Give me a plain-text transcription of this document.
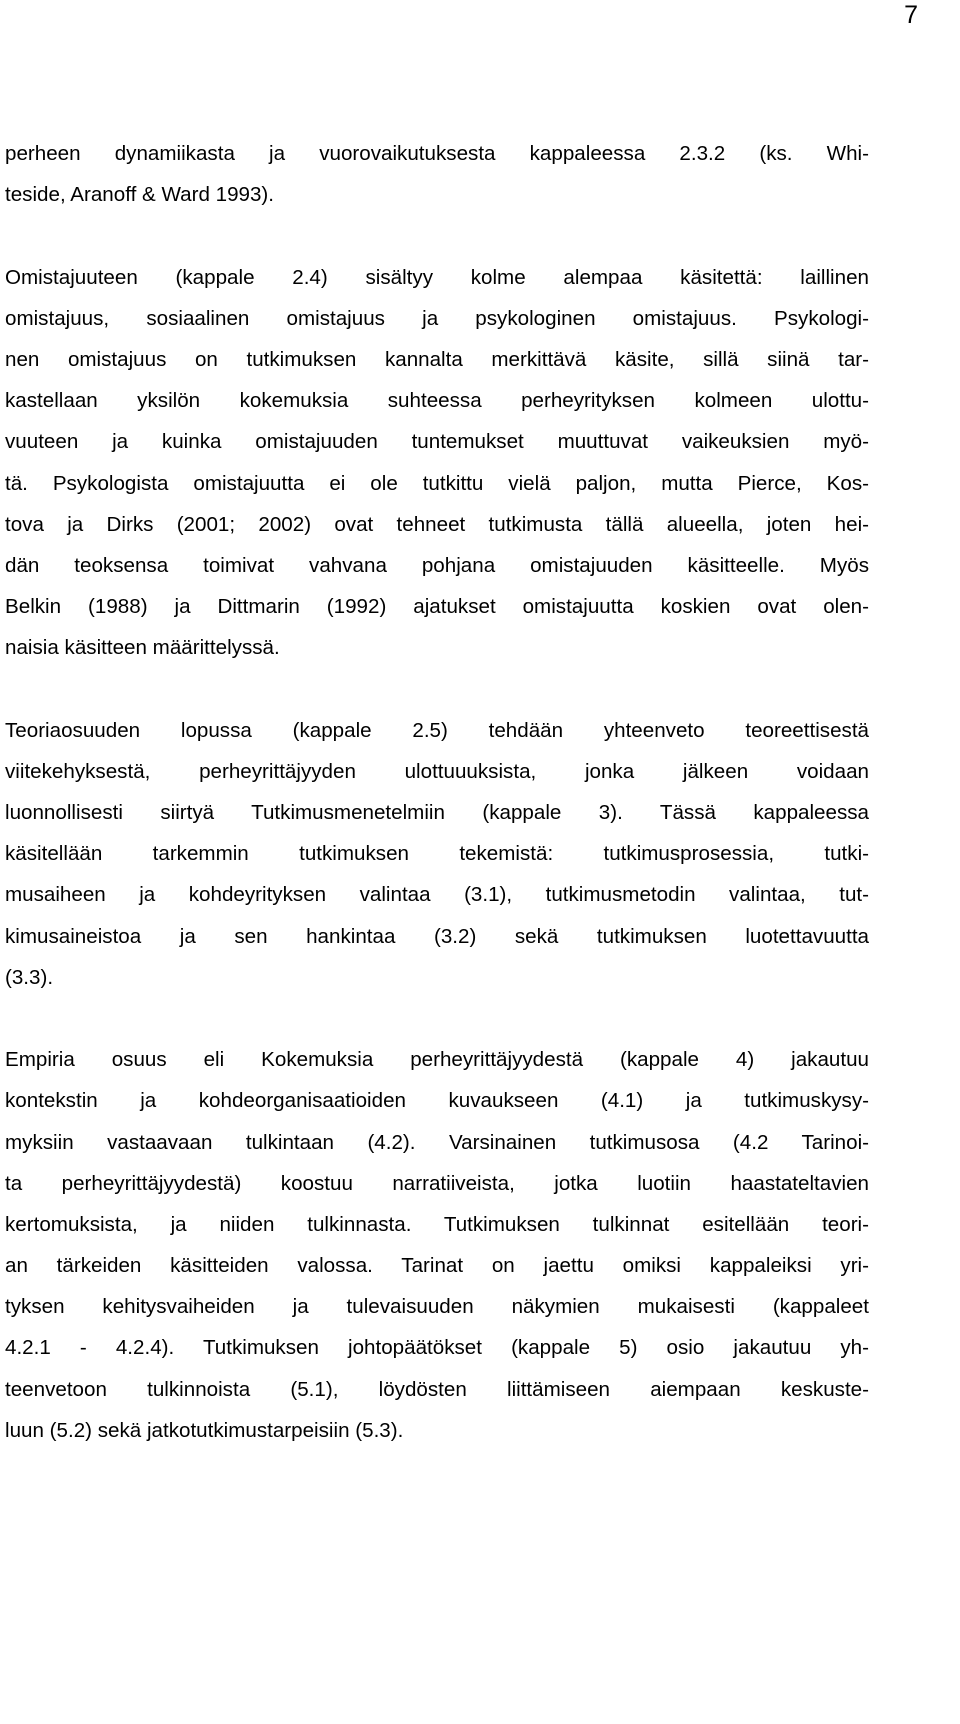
7
perheen dynamiikasta ja vuorovaikutuksesta kappaleessa 2.3.2 (ks. Whi-
teside, Aranoff & Ward 1993).
Omistajuuteen (kappale 2.4) sisältyy kolme alempaa käsitettä: laillinen
omistajuus, sosiaalinen omistajuus ja psykologinen omistajuus. Psykologi-
nen omistajuus on tutkimuksen kannalta merkittävä käsite, sillä siinä tar-
kastellaan yksilön kokemuksia suhteessa perheyrityksen kolmeen ulottu-
vuuteen ja kuinka omistajuuden tuntemukset muuttuvat vaikeuksien myö-
tä. Psykologista omistajuutta ei ole tutkittu vielä paljon, mutta Pierce, Kos-
tova ja Dirks (2001; 2002) ovat tehneet tutkimusta tällä alueella, joten hei-
dän teoksensa toimivat vahvana pohjana omistajuuden käsitteelle. Myös
Belkin (1988) ja Dittmarin (1992) ajatukset omistajuutta koskien ovat olen-
naisia käsitteen määrittelyssä.
Teoriaosuuden lopussa (kappale 2.5) tehdään yhteenveto teoreettisestä
viitekehyksestä, perheyrittäjyyden ulottuuuksista, jonka jälkeen voidaan
luonnollisesti siirtyä Tutkimusmenetelmiin (kappale 3). Tässä kappaleessa
käsitellään tarkemmin tutkimuksen tekemistä: tutkimusprosessia, tutki-
musaiheen ja kohdeyrityksen valintaa (3.1), tutkimusmetodin valintaa, tut-
kimusaineistoa ja sen hankintaa (3.2) sekä tutkimuksen luotettavuutta
(3.3).
Empiria osuus eli Kokemuksia perheyrittäjyydestä (kappale 4) jakautuu
kontekstin ja kohdeorganisaatioiden kuvaukseen (4.1) ja tutkimuskysy-
myksiin vastaavaan tulkintaan (4.2). Varsinainen tutkimusosa (4.2 Tarinoi-
ta perheyrittäjyydestä) koostuu narratiiveista, jotka luotiin haastateltavien
kertomuksista, ja niiden tulkinnasta. Tutkimuksen tulkinnat esitellään teori-
an tärkeiden käsitteiden valossa. Tarinat on jaettu omiksi kappaleiksi yri-
tyksen kehitysvaiheiden ja tulevaisuuden näkymien mukaisesti (kappaleet
4.2.1 - 4.2.4). Tutkimuksen johtopäätökset (kappale 5) osio jakautuu yh-
teenvetoon tulkinnoista (5.1), löydösten liittämiseen aiempaan keskuste-
luun (5.2) sekä jatkotutkimustarpeisiin (5.3).
